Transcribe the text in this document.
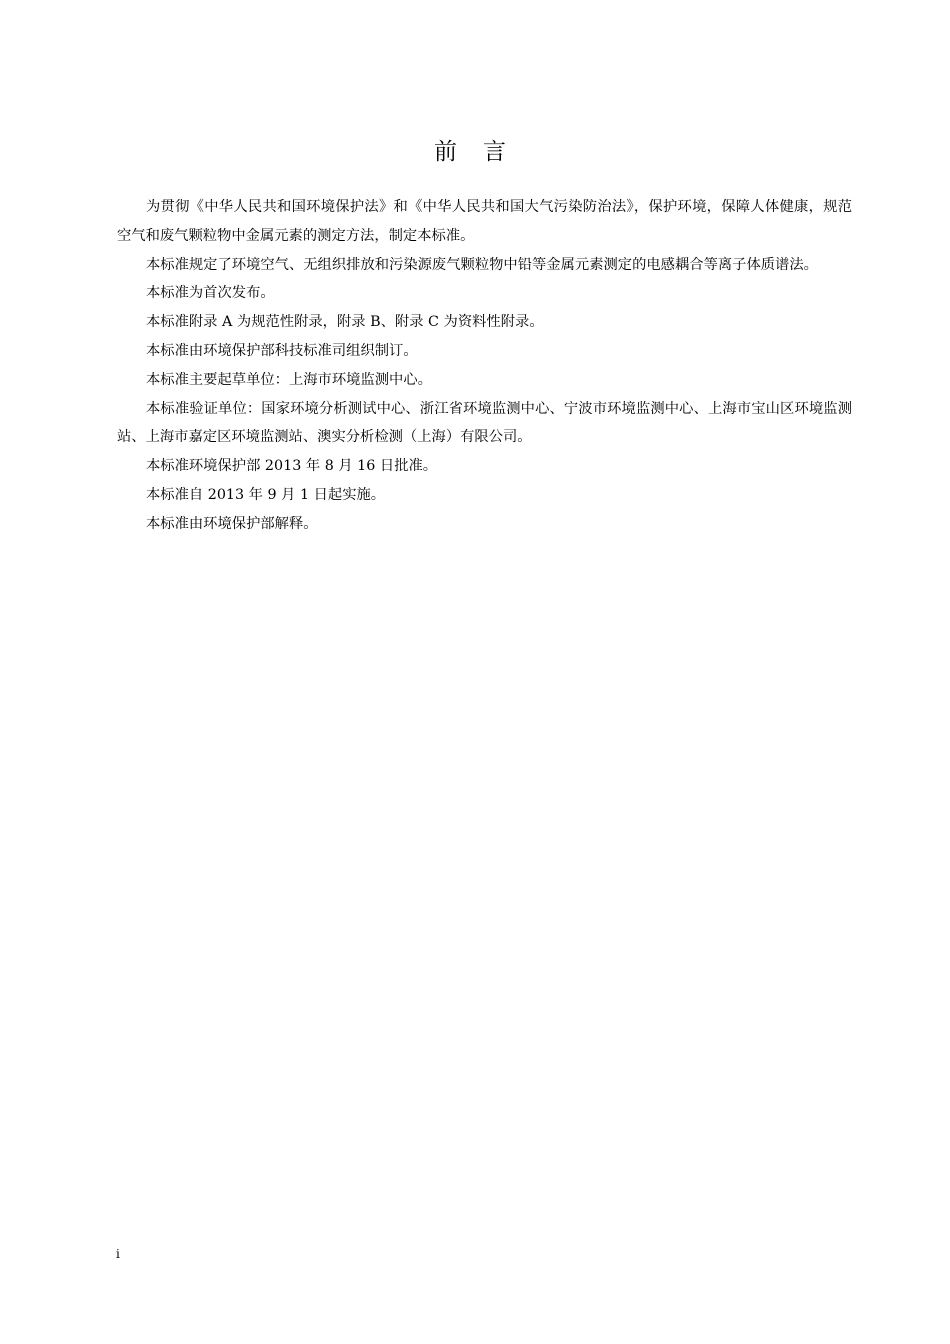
前言

为贯彻《中华人民共和国环境保护法》和《中华人民共和国大气污染防治法》，保护环境，保障人体健康，规范空气和废气颗粒物中金属元素的测定方法，制定本标准。

本标准规定了环境空气、无组织排放和污染源废气颗粒物中铅等金属元素测定的电感耦合等离子体质谱法。

本标准为首次发布。

本标准附录 A 为规范性附录，附录 B、附录 C 为资料性附录。

本标准由环境保护部科技标准司组织制订。

本标准主要起草单位：上海市环境监测中心。

本标准验证单位：国家环境分析测试中心、浙江省环境监测中心、宁波市环境监测中心、上海市宝山区环境监测站、上海市嘉定区环境监测站、澳实分析检测（上海）有限公司。

本标准环境保护部 2013 年 8 月 16 日批准。

本标准自 2013 年 9 月 1 日起实施。

本标准由环境保护部解释。

i
